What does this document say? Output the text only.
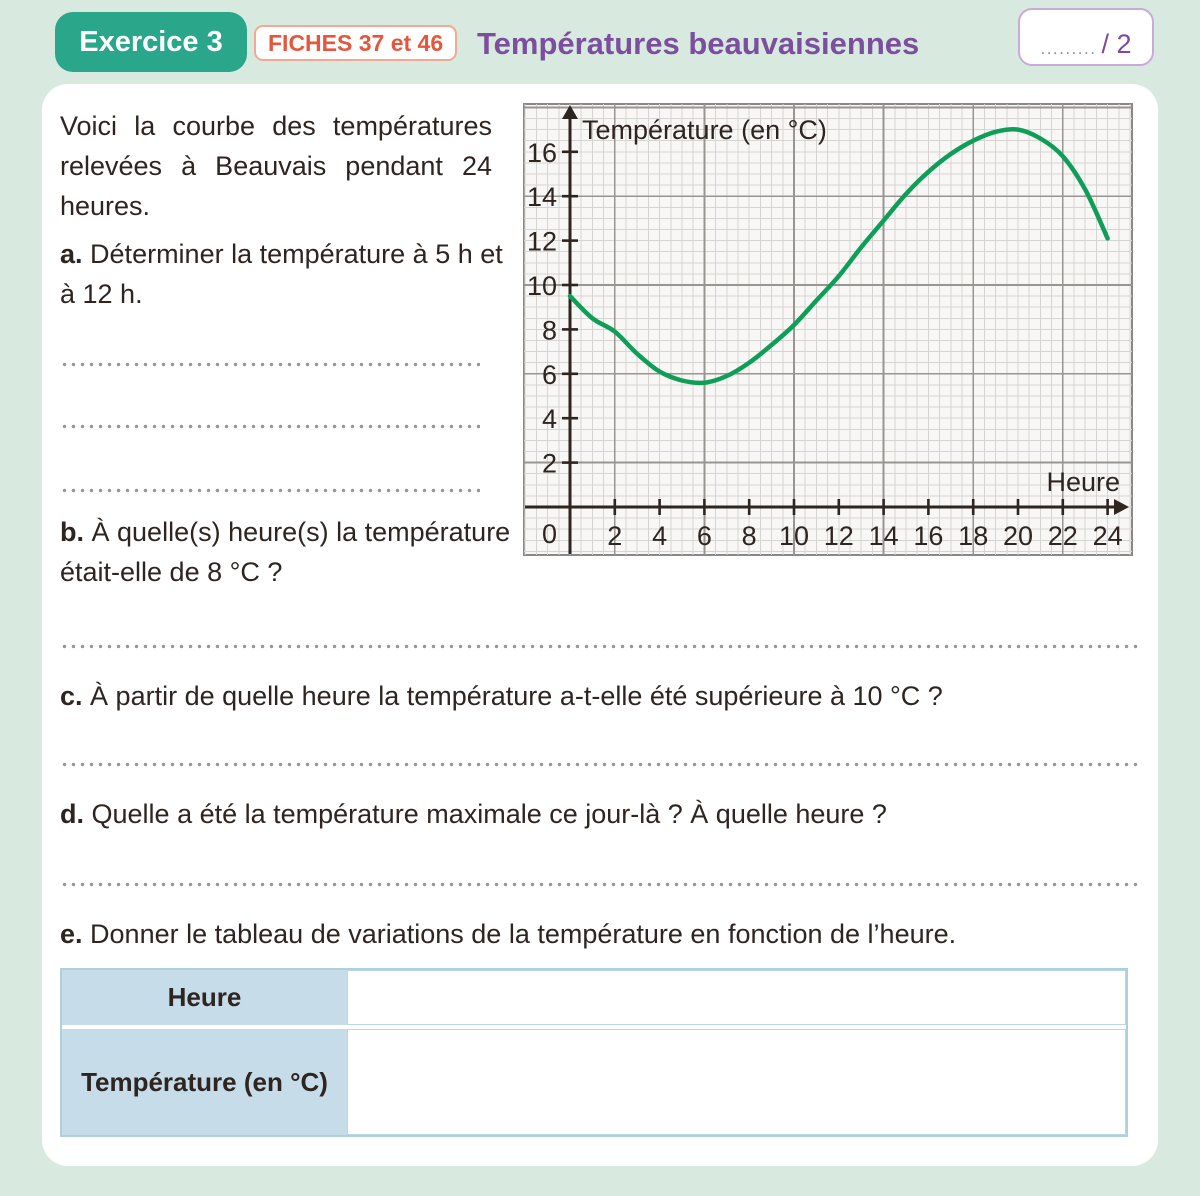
Exercice 3 FICHES 37 et 46 Températures beauvaisiennes	......... / 2

Voici la courbe des températures relevées à Beauvais pendant 24 heures.

a. Déterminer la température à 5 h et à 12 h.

b. À quelle(s) heure(s) la température était-elle de 8 °C ?

2 4 6 8 10 12 14 16 18 20 22 24
2
4
6
8
10
12
14
16
0
Température (en °C)
Heure

c. À partir de quelle heure la température a-t-elle été supérieure à 10 °C ?

d. Quelle a été la température maximale ce jour-là ? À quelle heure ?

e. Donner le tableau de variations de la température en fonction de l’heure.

Heure
Température (en °C)
